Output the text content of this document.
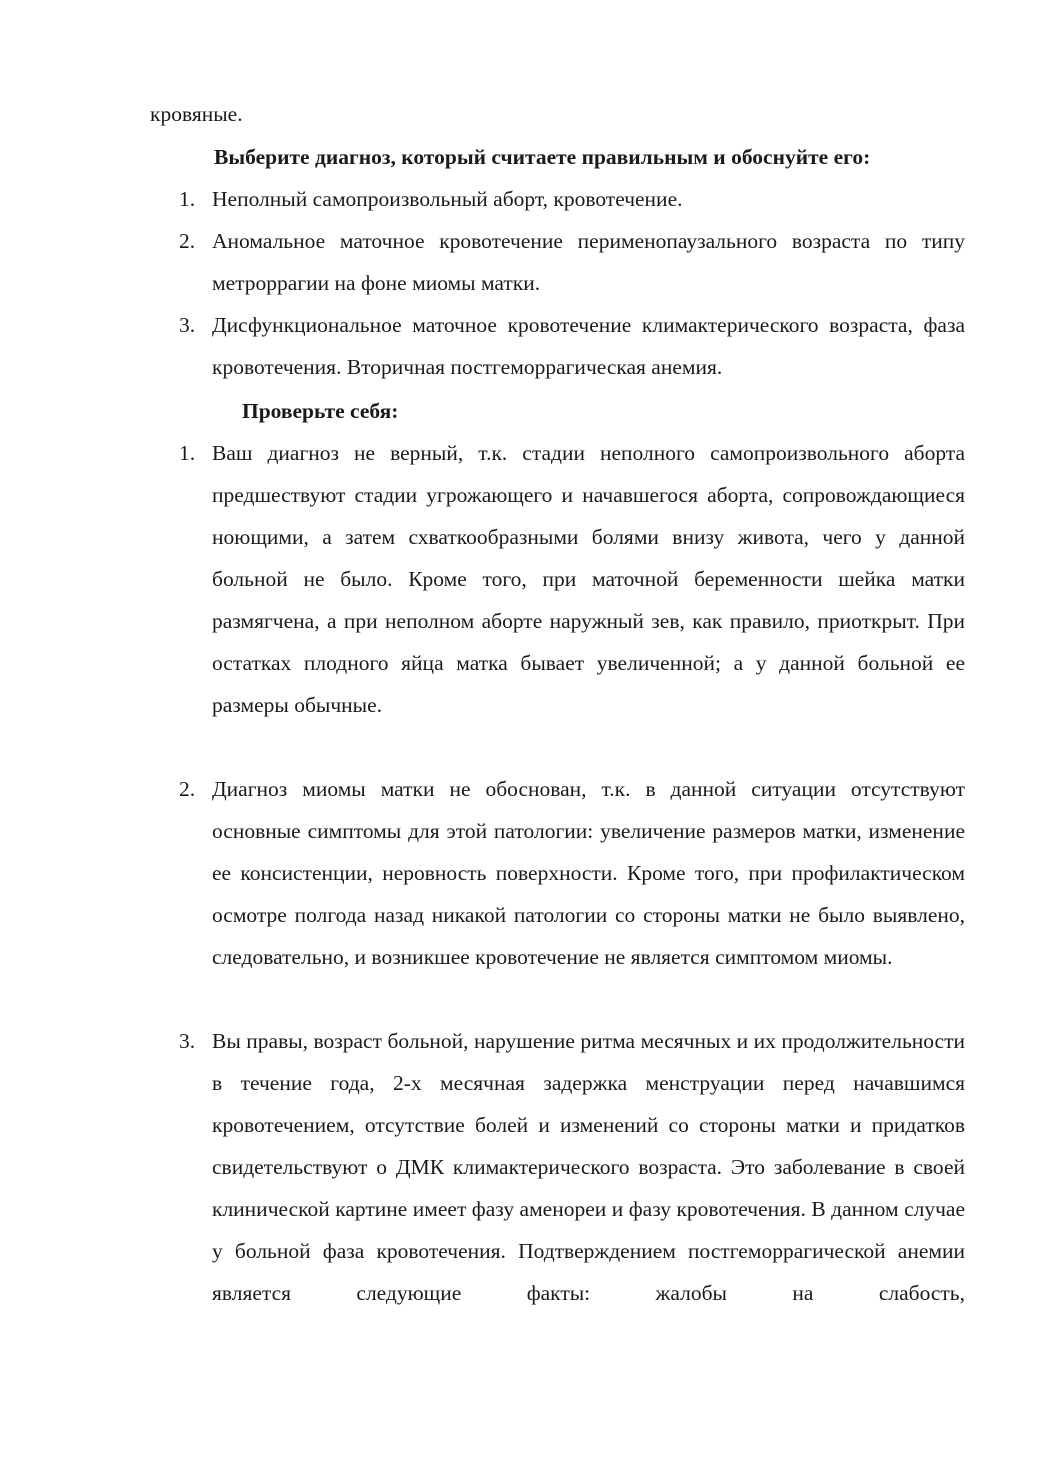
кровяные.
Выберите диагноз, который считаете правильным и обоснуйте его:
1. Неполный самопроизвольный аборт, кровотечение.

2. Аномальное маточное кровотечение перименопаузального возраста по типу метроррагии на фоне миомы матки.

3. Дисфункциональное маточное кровотечение климактерического возраста, фаза кровотечения. Вторичная постгеморрагическая анемия.

Проверьте себя:
1. Ваш диагноз не верный, т.к. стадии неполного самопроизвольного аборта предшествуют стадии угрожающего и начавшегося аборта, сопровождающиеся ноющими, а затем схваткообразными болями внизу живота, чего у данной больной не было. Кроме того, при маточной беременности шейка матки размягчена, а при неполном аборте наружный зев, как правило, приоткрыт. При остатках плодного яйца матка бывает увеличенной; а у данной больной ее размеры обычные.

2. Диагноз миомы матки не обоснован, т.к. в данной ситуации отсутствуют основные симптомы для этой патологии: увеличение размеров матки, изменение ее консистенции, неровность поверхности. Кроме того, при профилактическом осмотре полгода назад никакой патологии со стороны матки не было выявлено, следовательно, и возникшее кровотечение не является симптомом миомы.

3. Вы правы, возраст больной, нарушение ритма месячных и их продолжительности в течение года, 2-х месячная задержка менструации перед начавшимся кровотечением, отсутствие болей и изменений со стороны матки и придатков свидетельствуют о ДМК климактерического возраста. Это заболевание в своей клинической картине имеет фазу аменореи и фазу кровотечения. В данном случае у больной фаза кровотечения. Подтверждением постгеморрагической анемии является следующие факты: жалобы на слабость,
